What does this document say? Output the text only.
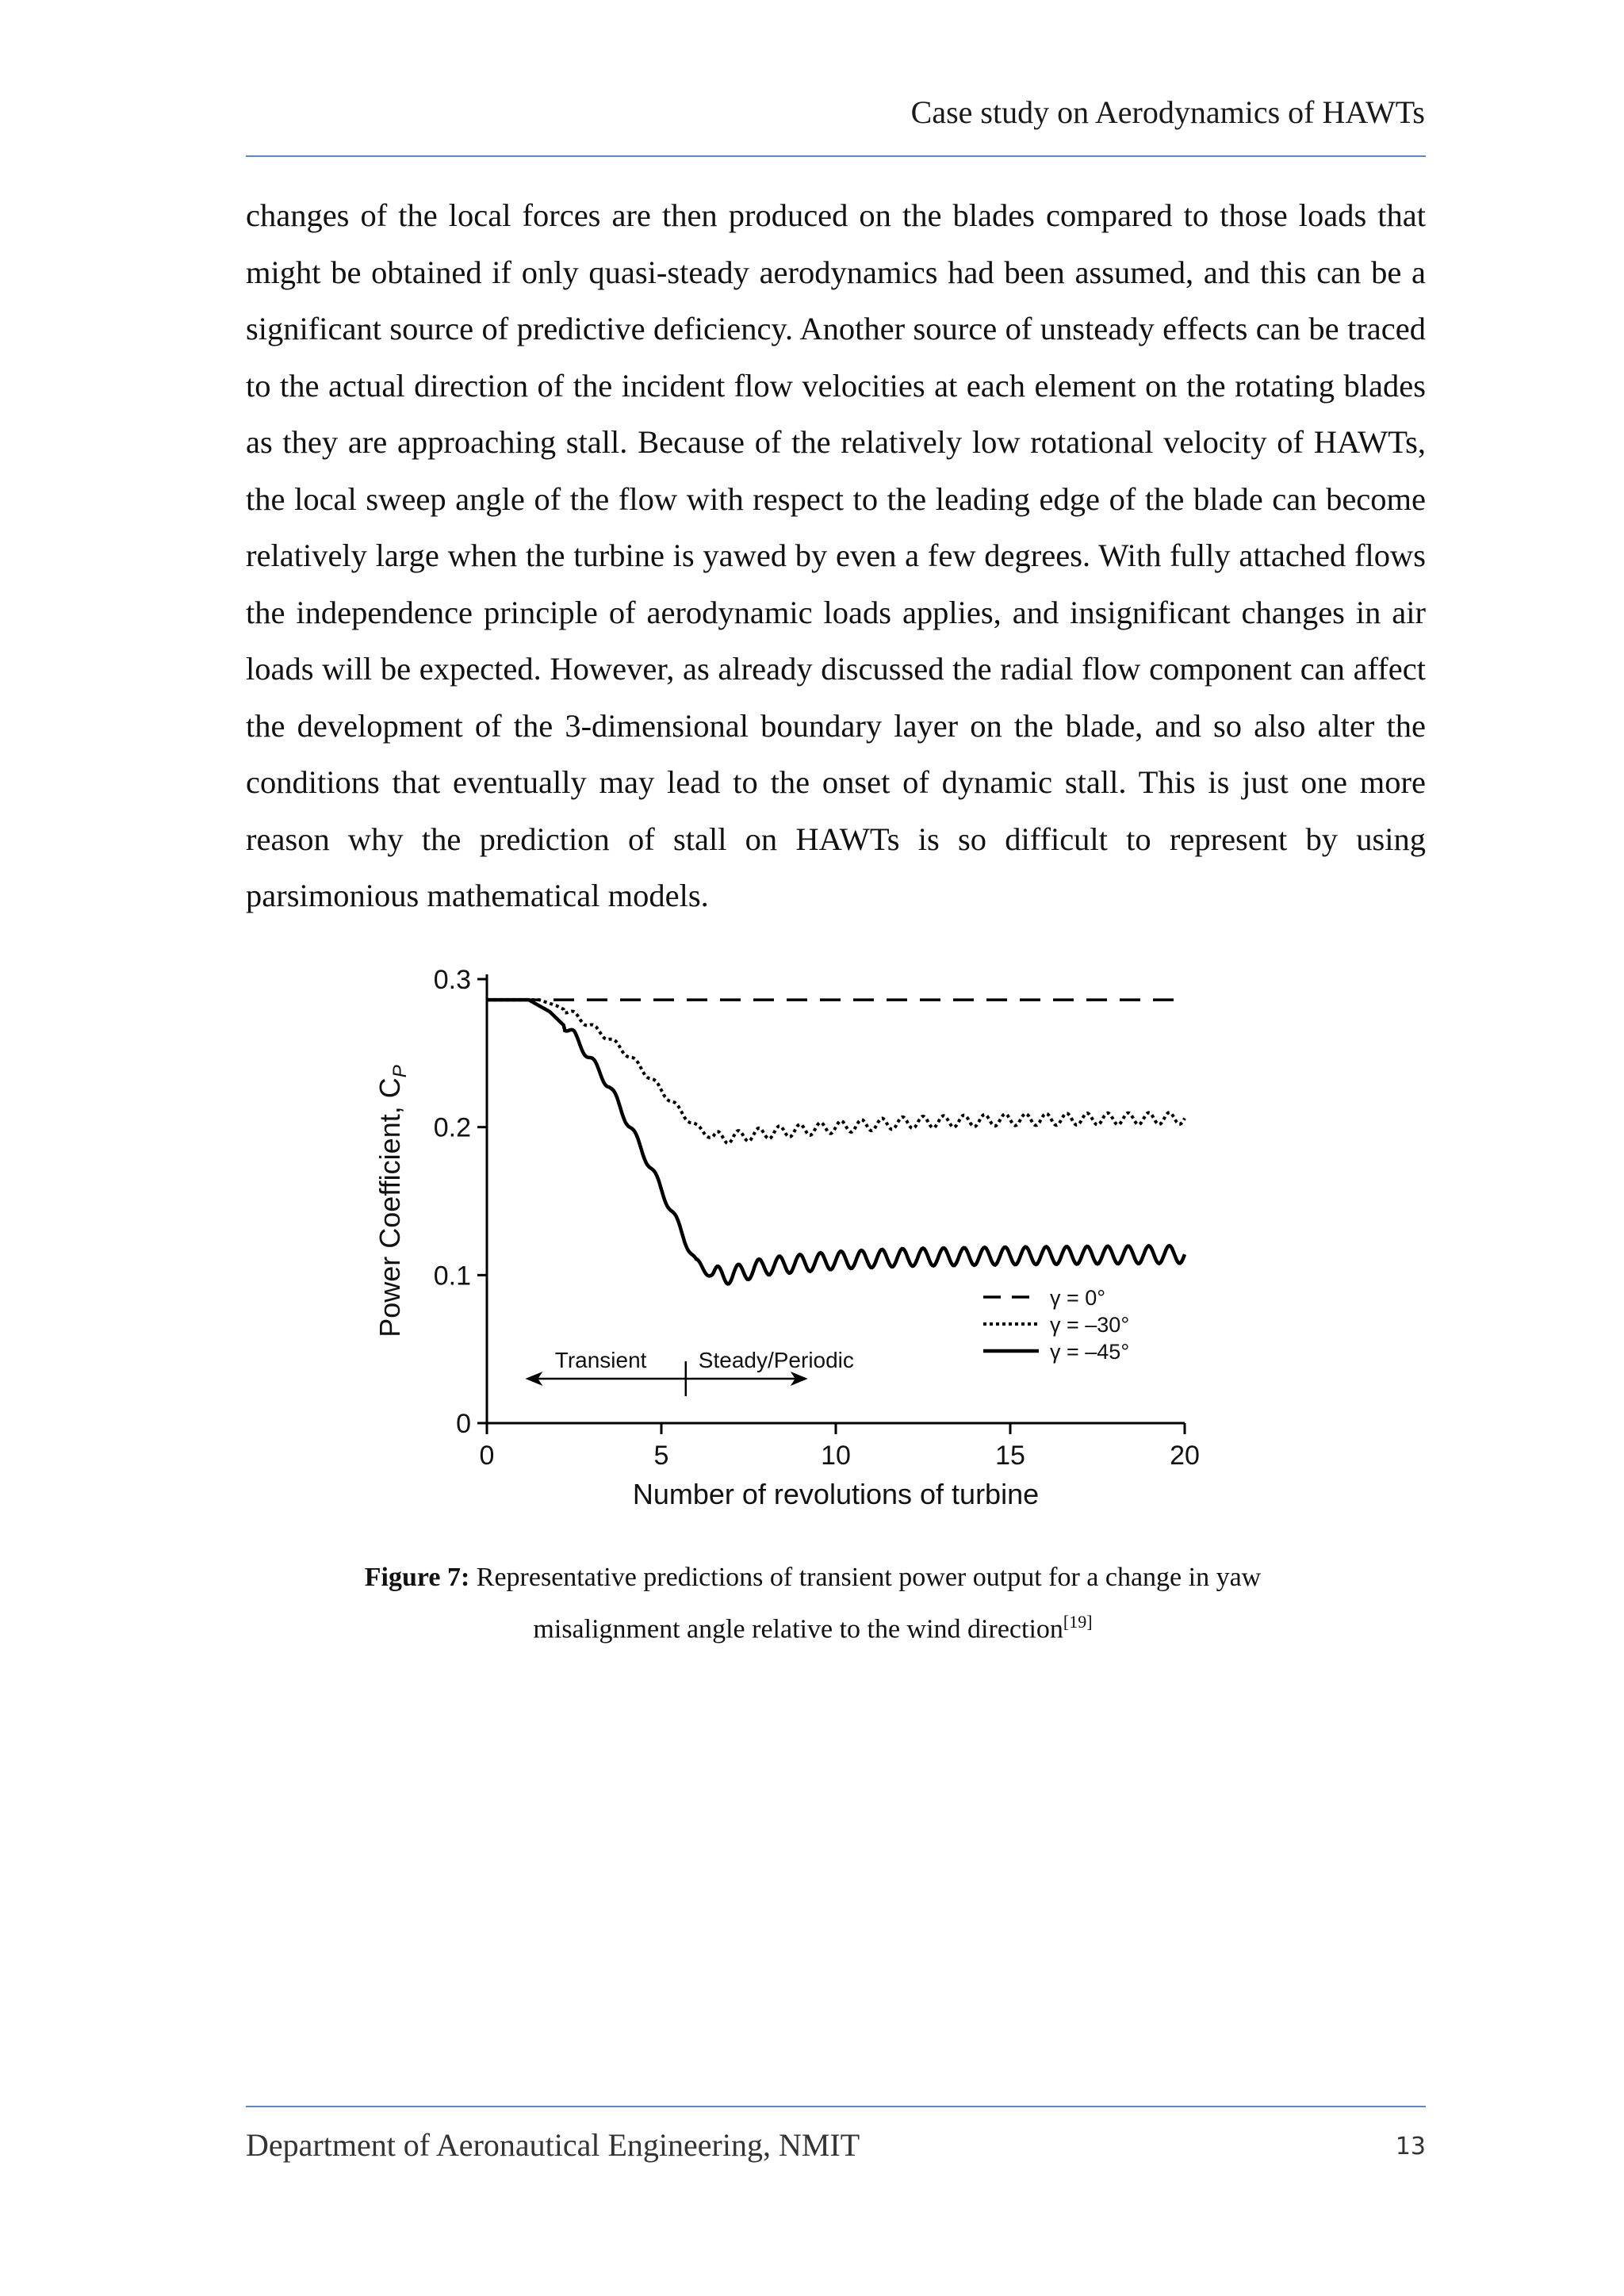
Case study on Aerodynamics of HAWTs

changes of the local forces are then produced on the blades compared to those loads that might be obtained if only quasi-steady aerodynamics had been assumed, and this can be a significant source of predictive deficiency. Another source of unsteady effects can be traced to the actual direction of the incident flow velocities at each element on the rotating blades as they are approaching stall. Because of the relatively low rotational velocity of HAWTs, the local sweep angle of the flow with respect to the leading edge of the blade can become relatively large when the turbine is yawed by even a few degrees. With fully attached flows the independence principle of aerodynamic loads applies, and insignificant changes in air loads will be expected. However, as already discussed the radial flow component can affect the development of the 3-dimensional boundary layer on the blade, and so also alter the conditions that eventually may lead to the onset of dynamic stall. This is just one more reason why the prediction of stall on HAWTs is so difficult to represent by using parsimonious mathematical models.

0	5	10	15	20
0
0.1
0.2
0.3
Number of revolutions of turbine
Power Coefficient, $C_P$
Transient Steady/Periodic
γ = 0°
γ = –30°
γ = –45°
Figure 7: Representative predictions of transient power output for a change in yaw misalignment angle relative to the wind direction[19]
Department of Aeronautical Engineering, NMIT	13
